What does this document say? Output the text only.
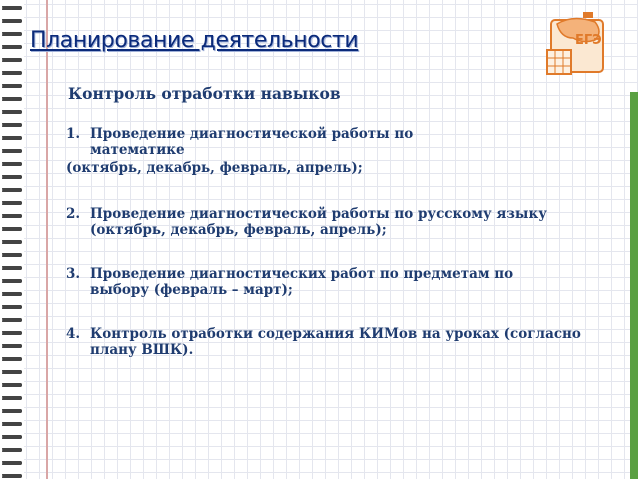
Планирование деятельности	ЕГЭ
Контроль отработки навыков
1. Проведение диагностической работы по математике
(октябрь, декабрь, февраль, апрель);
2. Проведение диагностической работы по русскому языку (октябрь, декабрь, февраль, апрель);
3. Проведение диагностических работ по предметам по выбору (февраль – март);
4. Контроль отработки содержания КИМов на уроках (согласно плану ВШК).
